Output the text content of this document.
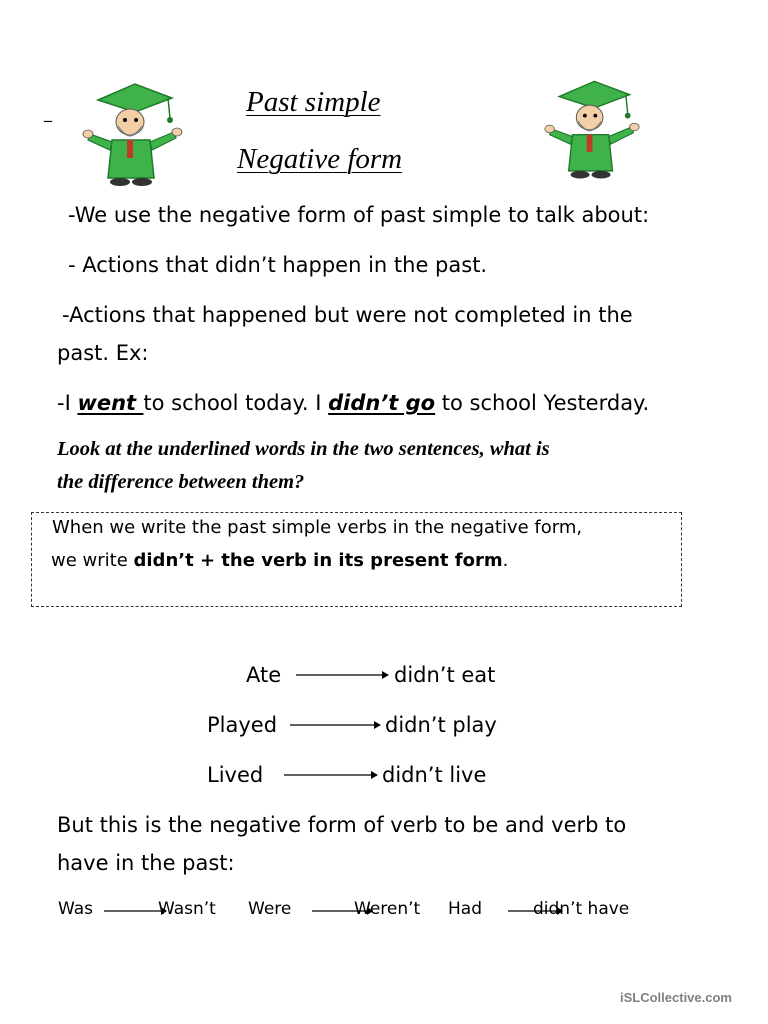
_	Past simple
Negative form
-We use the negative form of past simple to talk about:
- Actions that didn’t happen in the past.
-Actions that happened but were not completed in the
past. Ex:
-I went to school today. I didn’t go to school Yesterday.
Look at the underlined words in the two sentences, what is
the difference between them?
When we write the past simple verbs in the negative form,
we write didn’t + the verb in its present form.
Ate	didn’t eat
Played	didn’t play
Lived	didn’t live
But this is the negative form of verb to be and verb to
have in the past:
Was	Wasn’t Were	Weren’t Had	didn’t have
iSLCollective.com
